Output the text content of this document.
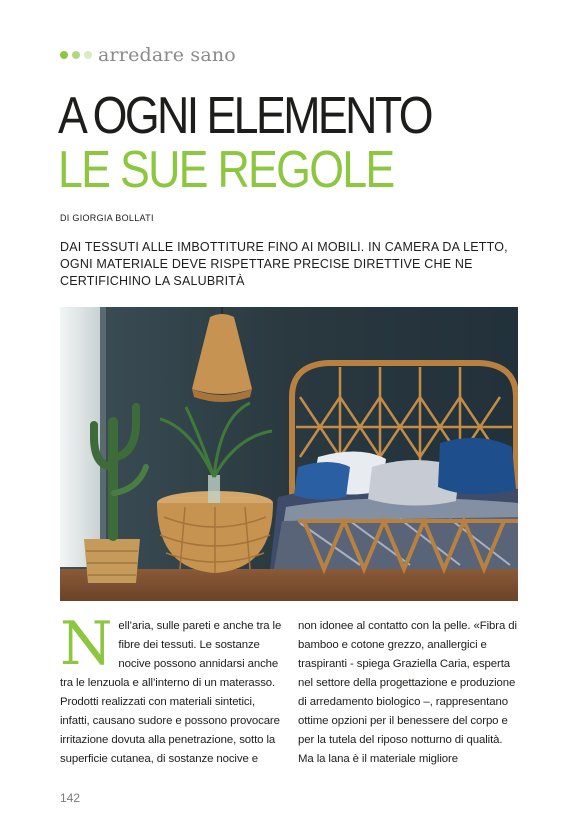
arredare sano
A OGNI ELEMENTO
LE SUE REGOLE
DI GIORGIA BOLLATI
DAI TESSUTI ALLE IMBOTTITURE FINO AI MOBILI. IN CAMERA DA LETTO, OGNI MATERIALE DEVE RISPETTARE PRECISE DIRETTIVE CHE NE CERTIFICHINO LA SALUBRITÀ
Nell’aria, sulle pareti e anche tra le fibre dei tessuti. Le sostanze nocive possono annidarsi anche tra le lenzuola e all’interno di un materasso. Prodotti realizzati con materiali sintetici, infatti, causano sudore e possono provocare irritazione dovuta alla penetrazione, sotto la superficie cutanea, di sostanze nocive e
non idonee al contatto con la pelle. «Fibra di bamboo e cotone grezzo, anallergici e traspiranti - spiega Graziella Caria, esperta nel settore della progettazione e produzione di arredamento biologico –, rappresentano ottime opzioni per il benessere del corpo e per la tutela del riposo notturno di qualità. Ma la lana è il materiale migliore
142
